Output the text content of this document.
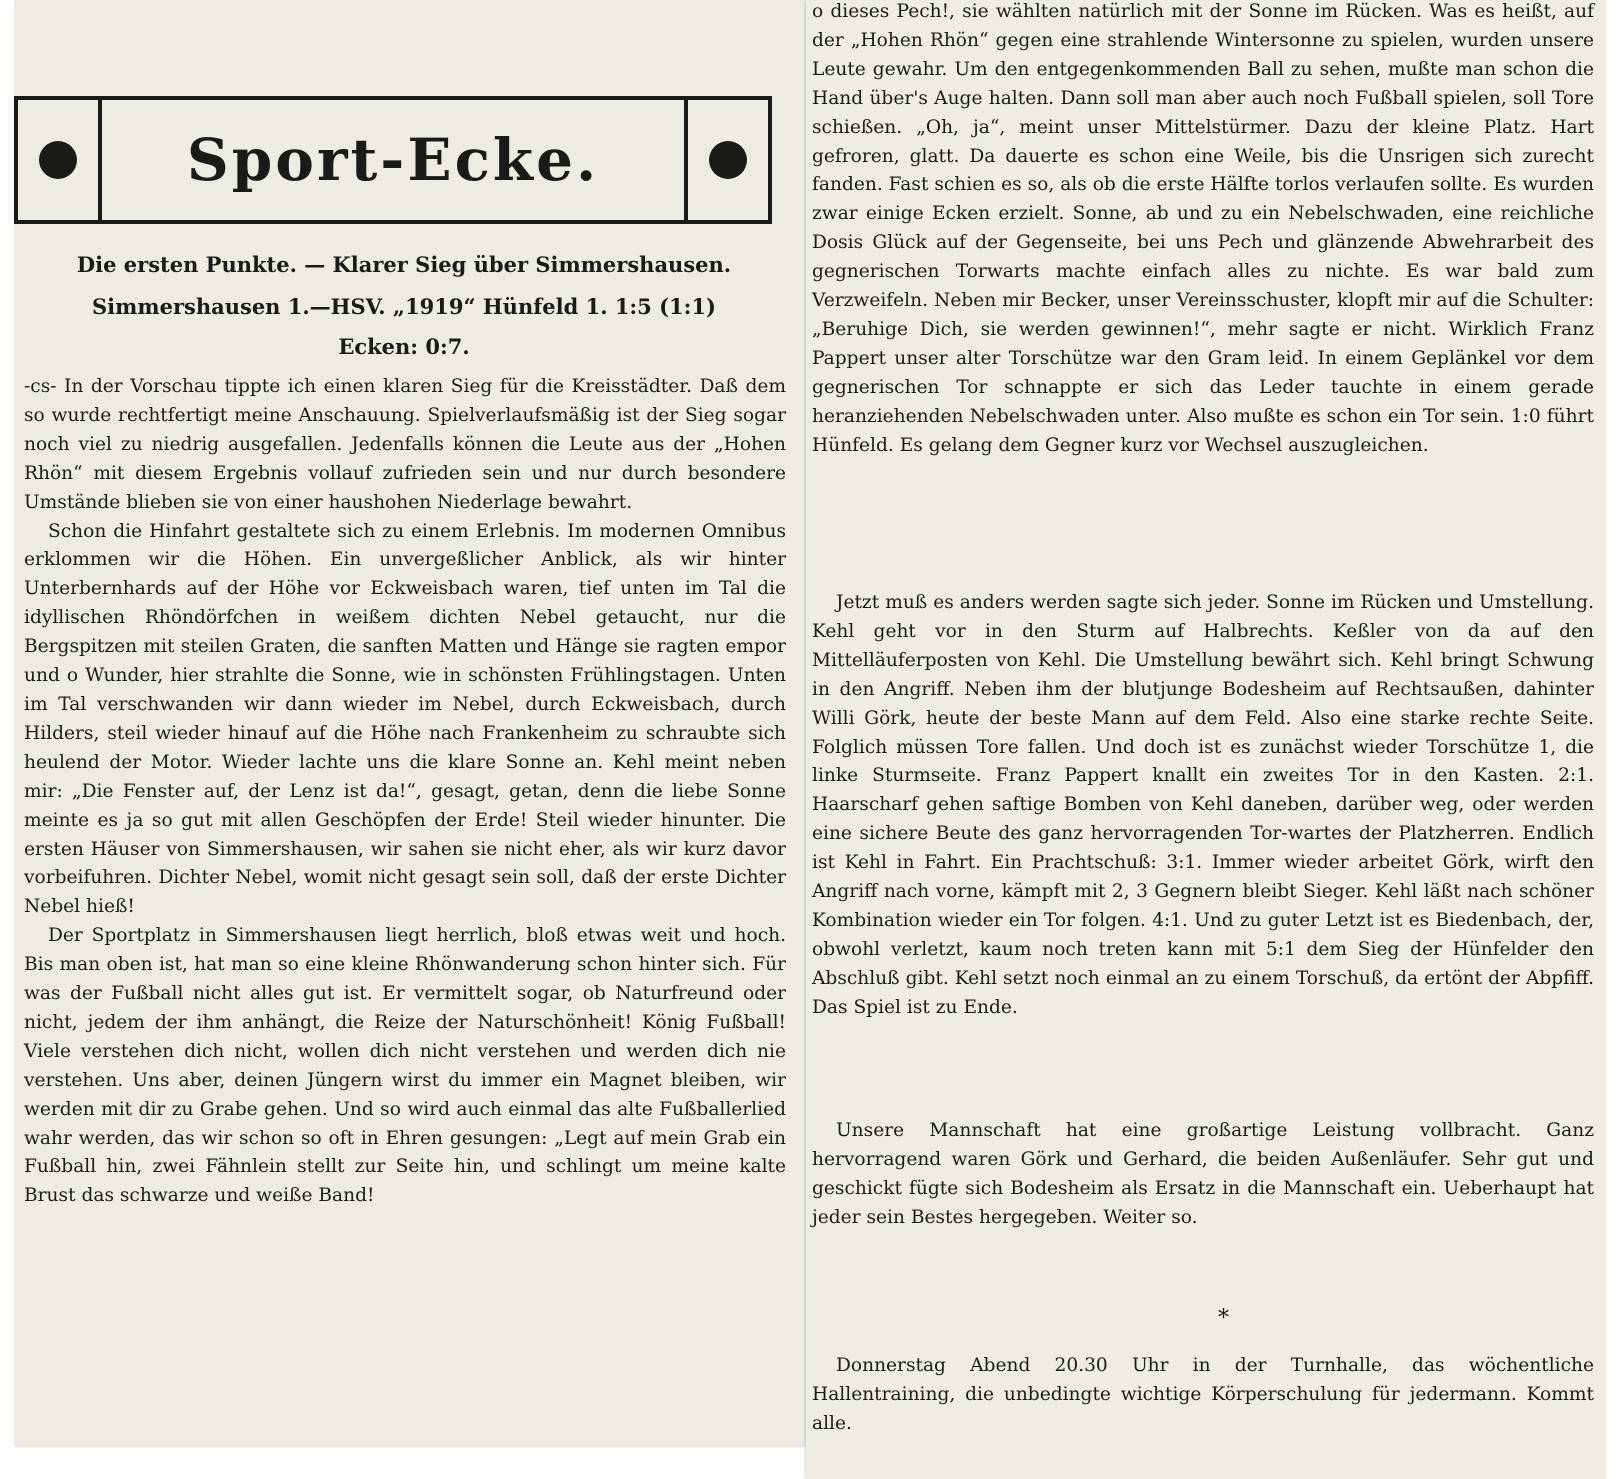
Sport-Ecke.
Die ersten Punkte. — Klarer Sieg über Simmershausen.
Simmershausen 1.—HSV. „1919“ Hünfeld 1. 1:5 (1:1)
Ecken: 0:7.

-cs- In der Vorschau tippte ich einen klaren Sieg für die Kreisstädter. Daß dem so wurde rechtfertigt meine Anschauung. Spielverlaufsmäßig ist der Sieg sogar noch viel zu niedrig ausgefallen. Jedenfalls können die Leute aus der „Hohen Rhön“ mit diesem Ergebnis vollauf zufrieden sein und nur durch besondere Umstände blieben sie von einer haushohen Niederlage bewahrt.

Schon die Hinfahrt gestaltete sich zu einem Erlebnis. Im modernen Omnibus erklommen wir die Höhen. Ein unvergeßlicher Anblick, als wir hinter Unterbernhards auf der Höhe vor Eckweisbach waren, tief unten im Tal die idyllischen Rhöndörfchen in weißem dichten Nebel getaucht, nur die Bergspitzen mit steilen Graten, die sanften Matten und Hänge sie ragten empor und o Wunder, hier strahlte die Sonne, wie in schönsten Frühlingstagen. Unten im Tal verschwanden wir dann wieder im Nebel, durch Eckweisbach, durch Hilders, steil wieder hinauf auf die Höhe nach Frankenheim zu schraubte sich heulend der Motor. Wieder lachte uns die klare Sonne an. Kehl meint neben mir: „Die Fenster auf, der Lenz ist da!“, gesagt, getan, denn die liebe Sonne meinte es ja so gut mit allen Geschöpfen der Erde! Steil wieder hinunter. Die ersten Häuser von Simmershausen, wir sahen sie nicht eher, als wir kurz davor vorbeifuhren. Dichter Nebel, womit nicht gesagt sein soll, daß der erste Dichter Nebel hieß!

Der Sportplatz in Simmershausen liegt herrlich, bloß etwas weit und hoch. Bis man oben ist, hat man so eine kleine Rhönwanderung schon hinter sich. Für was der Fußball nicht alles gut ist. Er vermittelt sogar, ob Naturfreund oder nicht, jedem der ihm anhängt, die Reize der Naturschönheit! König Fußball! Viele verstehen dich nicht, wollen dich nicht verstehen und werden dich nie verstehen. Uns aber, deinen Jüngern wirst du immer ein Magnet bleiben, wir werden mit dir zu Grabe gehen. Und so wird auch einmal das alte Fußballerlied wahr werden, das wir schon so oft in Ehren gesungen: „Legt auf mein Grab ein Fußball hin, zwei Fähnlein stellt zur Seite hin, und schlingt um meine kalte Brust das schwarze und weiße Band!

o dieses Pech!, sie wählten natürlich mit der Sonne im Rücken. Was es heißt, auf der „Hohen Rhön“ gegen eine strahlende Wintersonne zu spielen, wurden unsere Leute gewahr. Um den entgegenkommenden Ball zu sehen, mußte man schon die Hand über's Auge halten. Dann soll man aber auch noch Fußball spielen, soll Tore schießen. „Oh, ja“, meint unser Mittelstürmer. Dazu der kleine Platz. Hart gefroren, glatt. Da dauerte es schon eine Weile, bis die Unsrigen sich zurecht fanden. Fast schien es so, als ob die erste Hälfte torlos verlaufen sollte. Es wurden zwar einige Ecken erzielt. Sonne, ab und zu ein Nebelschwaden, eine reichliche Dosis Glück auf der Gegenseite, bei uns Pech und glänzende Abwehrarbeit des gegnerischen Torwarts machte einfach alles zu nichte. Es war bald zum Verzweifeln. Neben mir Becker, unser Vereinsschuster, klopft mir auf die Schulter: „Beruhige Dich, sie werden gewinnen!“, mehr sagte er nicht. Wirklich Franz Pappert unser alter Torschütze war den Gram leid. In einem Geplänkel vor dem gegnerischen Tor schnappte er sich das Leder tauchte in einem gerade heranziehenden Nebelschwaden unter. Also mußte es schon ein Tor sein. 1:0 führt Hünfeld. Es gelang dem Gegner kurz vor Wechsel auszugleichen.

Jetzt muß es anders werden sagte sich jeder. Sonne im Rücken und Umstellung. Kehl geht vor in den Sturm auf Halbrechts. Keßler von da auf den Mittelläuferposten von Kehl. Die Umstellung bewährt sich. Kehl bringt Schwung in den Angriff. Neben ihm der blutjunge Bodesheim auf Rechtsaußen, dahinter Willi Görk, heute der beste Mann auf dem Feld. Also eine starke rechte Seite. Folglich müssen Tore fallen. Und doch ist es zunächst wieder Torschütze 1, die linke Sturmseite. Franz Pappert knallt ein zweites Tor in den Kasten. 2:1. Haarscharf gehen saftige Bomben von Kehl daneben, darüber weg, oder werden eine sichere Beute des ganz hervorragenden Tor-wartes der Platzherren. Endlich ist Kehl in Fahrt. Ein Prachtschuß: 3:1. Immer wieder arbeitet Görk, wirft den Angriff nach vorne, kämpft mit 2, 3 Gegnern bleibt Sieger. Kehl läßt nach schöner Kombination wieder ein Tor folgen. 4:1. Und zu guter Letzt ist es Biedenbach, der, obwohl verletzt, kaum noch treten kann mit 5:1 dem Sieg der Hünfelder den Abschluß gibt. Kehl setzt noch einmal an zu einem Torschuß, da ertönt der Abpfiff. Das Spiel ist zu Ende.

Unsere Mannschaft hat eine großartige Leistung vollbracht. Ganz hervorragend waren Görk und Gerhard, die beiden Außenläufer. Sehr gut und geschickt fügte sich Bodesheim als Ersatz in die Mannschaft ein. Ueberhaupt hat jeder sein Bestes hergegeben. Weiter so.

*

Donnerstag Abend 20.30 Uhr in der Turnhalle, das wöchentliche Hallentraining, die unbedingte wichtige Körperschulung für jedermann. Kommt alle.
